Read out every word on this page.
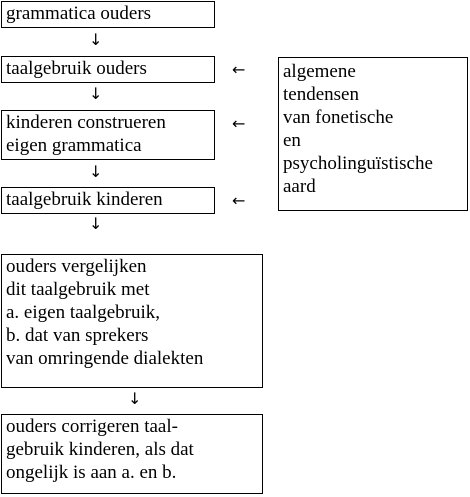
grammatica ouders
↓
taalgebruik ouders
↓
kinderen construeren
eigen grammatica
↓
taalgebruik kinderen
↓
ouders vergelijken
dit taalgebruik met
a. eigen taalgebruik,
b. dat van sprekers
van omringende dialekten
↓
ouders corrigeren taal-
gebruik kinderen, als dat
ongelijk is aan a. en b.
algemene
tendensen
van fonetische
en
psycholinguïstische
aard
←
←
←
